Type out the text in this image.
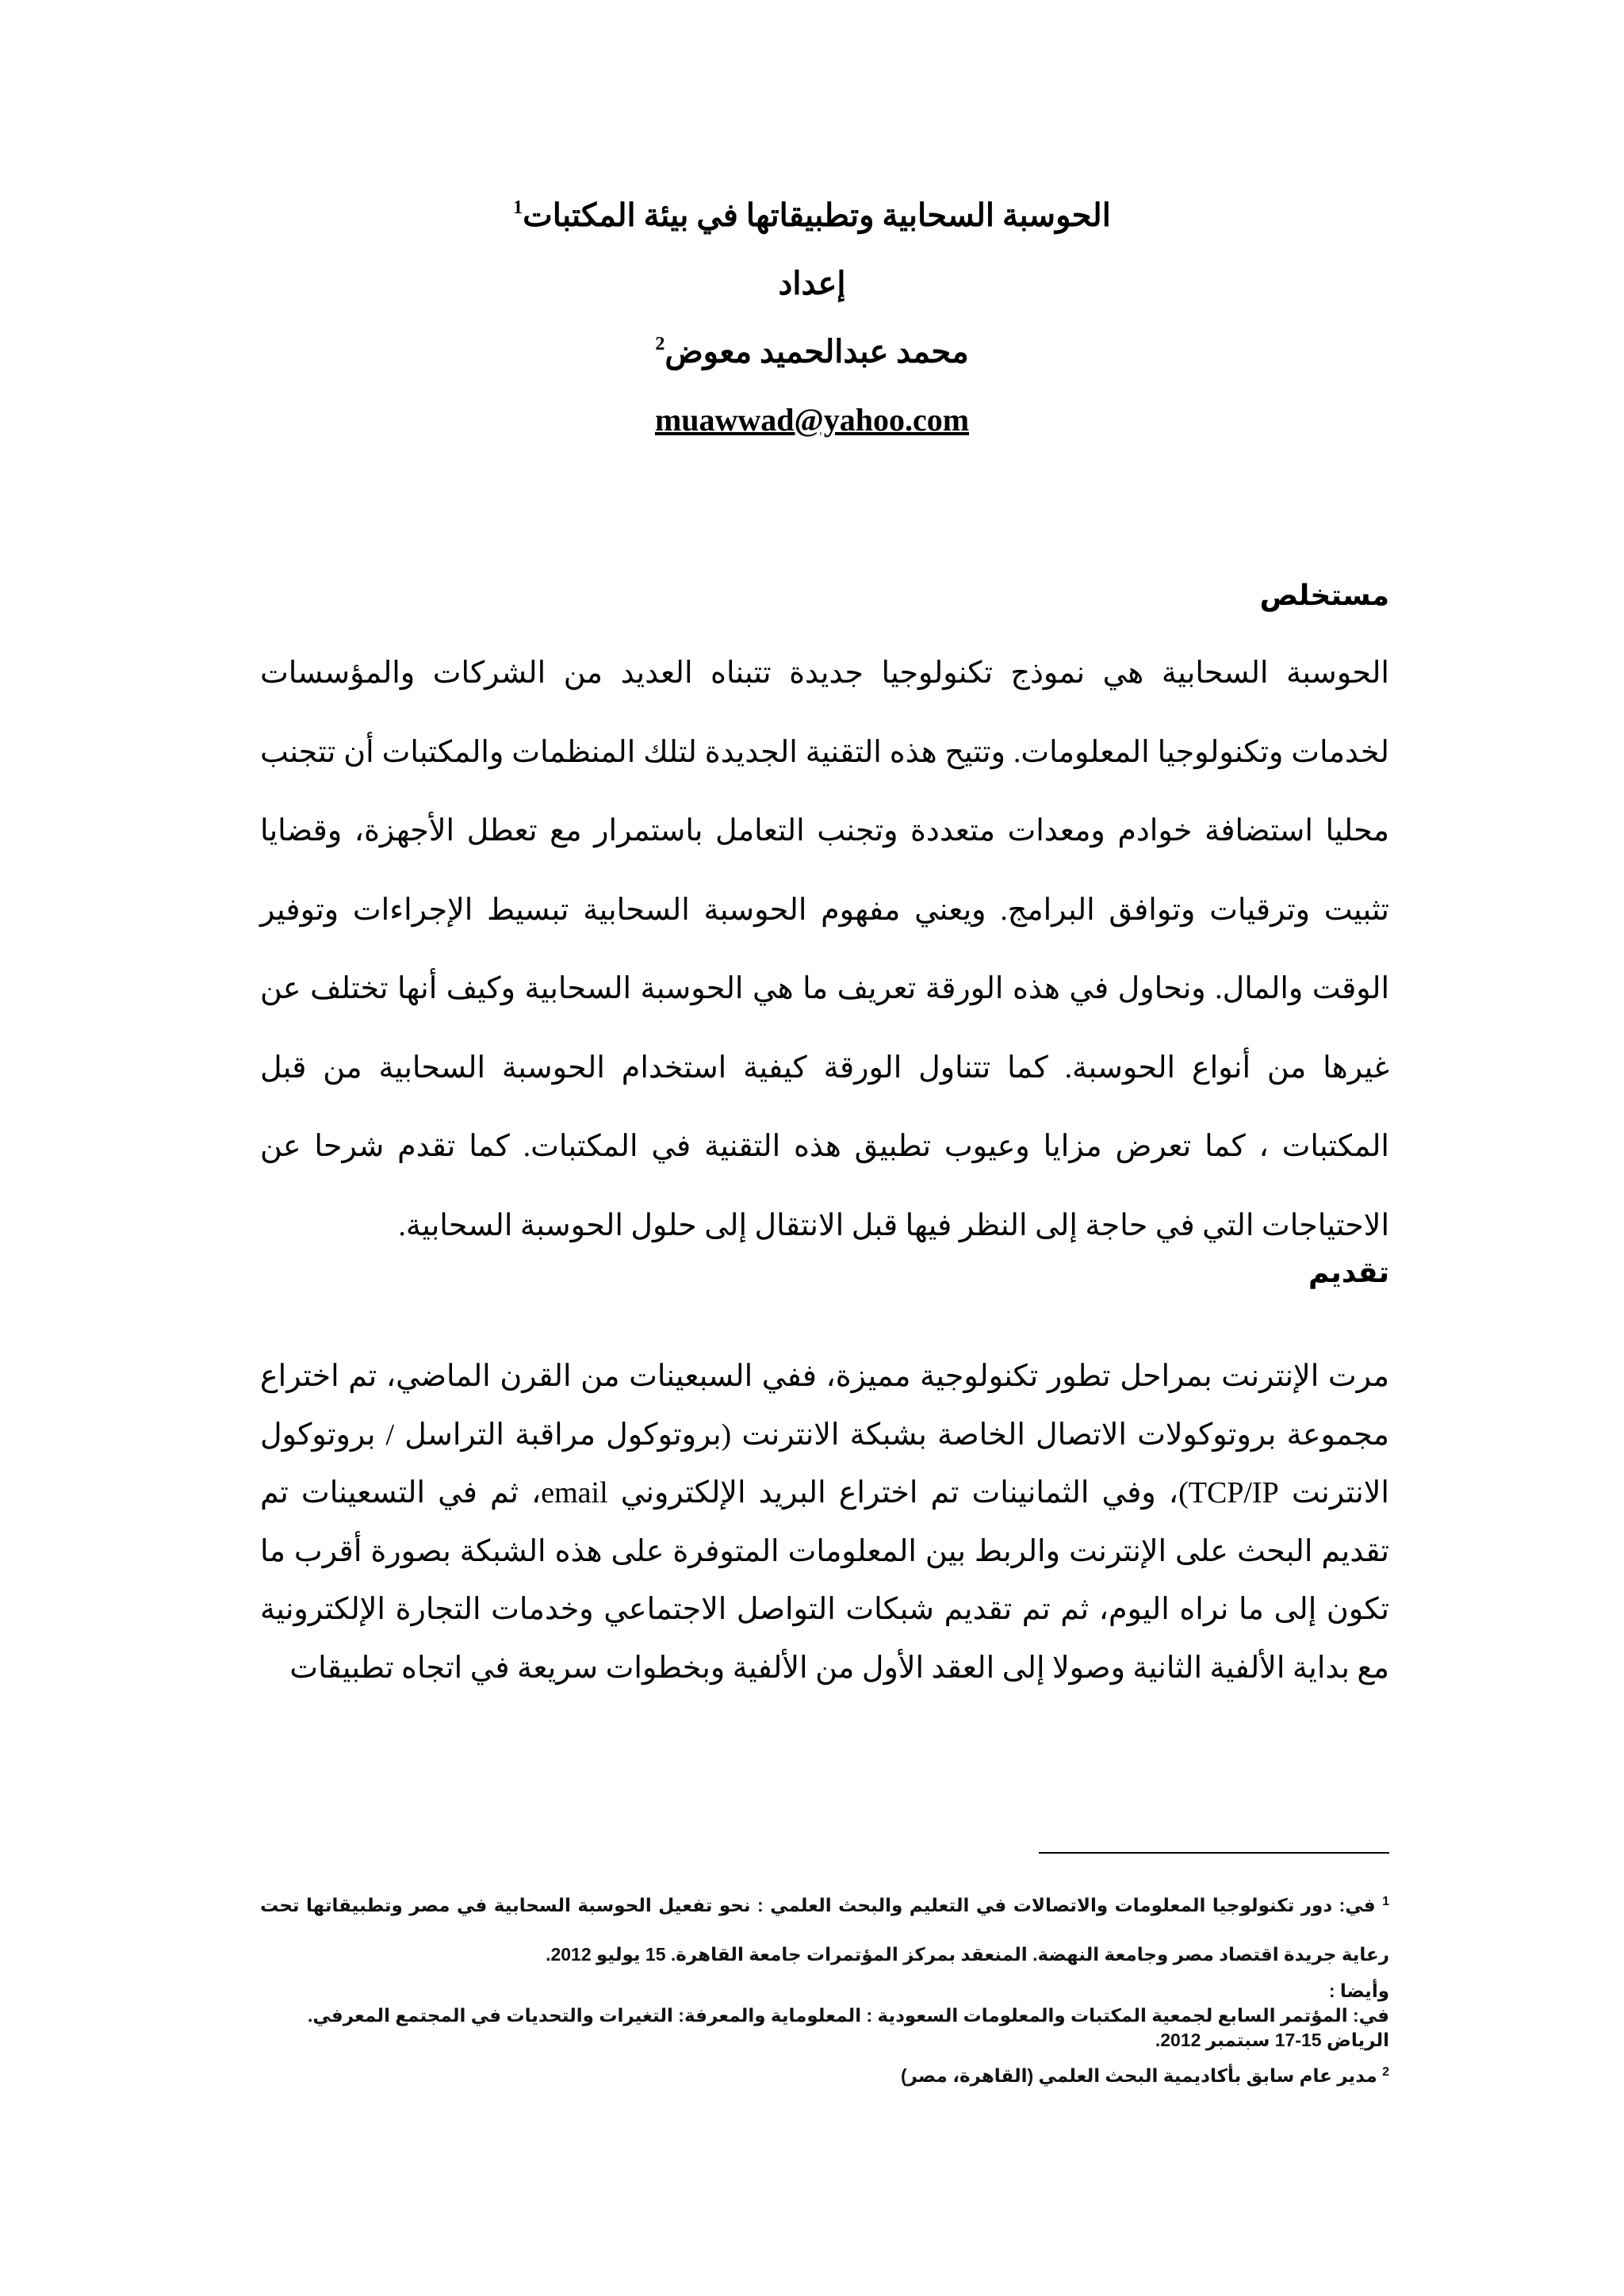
الحوسبة السحابية وتطبيقاتها في بيئة المكتبات$^1$
إعداد
محمد عبدالحميد معوض$^2$
muawwad@yahoo.com
مستخلص
الحوسبة السحابية هي نموذج تكنولوجيا جديدة تتبناه العديد من الشركات والمؤسسات لخدمات وتكنولوجيا المعلومات. وتتيح هذه التقنية الجديدة لتلك المنظمات والمكتبات أن تتجنب محليا استضافة خوادم ومعدات متعددة وتجنب التعامل باستمرار مع تعطل الأجهزة، وقضايا تثبيت وترقيات وتوافق البرامج. ويعني مفهوم الحوسبة السحابية تبسيط الإجراءات وتوفير الوقت والمال. ونحاول في هذه الورقة تعريف ما هي الحوسبة السحابية وكيف أنها تختلف عن غيرها من أنواع الحوسبة. كما تتناول الورقة كيفية استخدام الحوسبة السحابية من قبل المكتبات ، كما تعرض مزايا وعيوب تطبيق هذه التقنية في المكتبات. كما تقدم شرحا عن الاحتياجات التي في حاجة إلى النظر فيها قبل الانتقال إلى حلول الحوسبة السحابية.
تقديم
مرت الإنترنت بمراحل تطور تكنولوجية مميزة، ففي السبعينات من القرن الماضي، تم اختراع مجموعة بروتوكولات الاتصال الخاصة بشبكة الانترنت (بروتوكول مراقبة التراسل / بروتوكول الانترنت TCP/IP)، وفي الثمانينات تم اختراع البريد الإلكتروني email، ثم في التسعينات تم تقديم البحث على الإنترنت والربط بين المعلومات المتوفرة على هذه الشبكة بصورة أقرب ما تكون إلى ما نراه اليوم، ثم تم تقديم شبكات التواصل الاجتماعي وخدمات التجارة الإلكترونية مع بداية الألفية الثانية وصولا إلى العقد الأول من الألفية وبخطوات سريعة في اتجاه تطبيقات
$^1$ في: دور تكنولوجيا المعلومات والاتصالات في التعليم والبحث العلمي : نحو تفعيل الحوسبة السحابية في مصر وتطبيقاتها تحت رعاية جريدة اقتصاد مصر وجامعة النهضة. المنعقد بمركز المؤتمرات جامعة القاهرة. 15 يوليو 2012.
وأيضا :
في: المؤتمر السابع لجمعية المكتبات والمعلومات السعودية : المعلوماية والمعرفة: التغيرات والتحديات في المجتمع المعرفي.
الرياض 15-17 سبتمبر 2012.
$^2$ مدير عام سابق بأكاديمية البحث العلمي (القاهرة، مصر)
